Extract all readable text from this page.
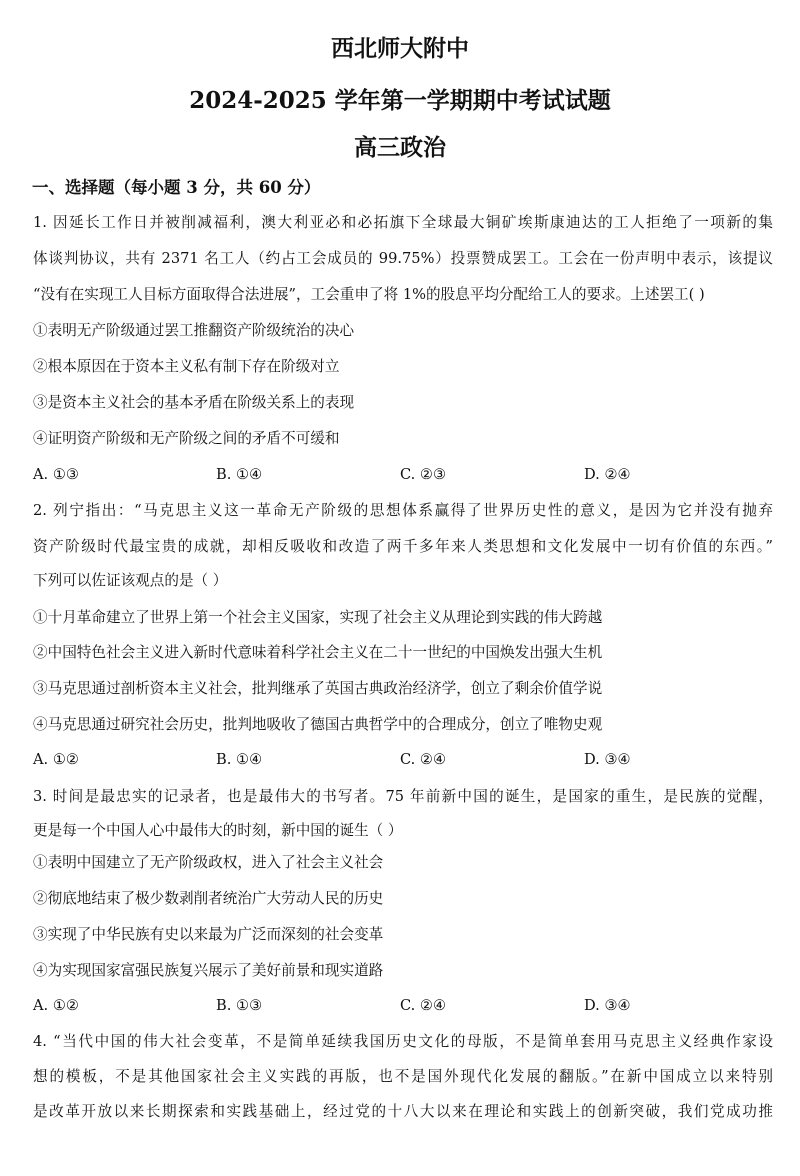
西北师大附中
2024-2025 学年第一学期期中考试试题
高三政治
一、选择题（每小题 3 分，共 60 分）
1. 因延长工作日并被削减福利，澳大利亚必和必拓旗下全球最大铜矿埃斯康迪达的工人拒绝了一项新的集
体谈判协议，共有 2371 名工人（约占工会成员的 99.75%）投票赞成罢工。工会在一份声明中表示，该提议
“没有在实现工人目标方面取得合法进展”，工会重申了将 1%的股息平均分配给工人的要求。上述罢工( )
①表明无产阶级通过罢工推翻资产阶级统治的决心
②根本原因在于资本主义私有制下存在阶级对立
③是资本主义社会的基本矛盾在阶级关系上的表现
④证明资产阶级和无产阶级之间的矛盾不可缓和
A. ①③	B. ①④	C. ②③	D. ②④
2. 列宁指出：“马克思主义这一革命无产阶级的思想体系赢得了世界历史性的意义，是因为它并没有抛弃
资产阶级时代最宝贵的成就，却相反吸收和改造了两千多年来人类思想和文化发展中一切有价值的东西。”
下列可以佐证该观点的是（ ）
①十月革命建立了世界上第一个社会主义国家，实现了社会主义从理论到实践的伟大跨越
②中国特色社会主义进入新时代意味着科学社会主义在二十一世纪的中国焕发出强大生机
③马克思通过剖析资本主义社会，批判继承了英国古典政治经济学，创立了剩余价值学说
④马克思通过研究社会历史，批判地吸收了德国古典哲学中的合理成分，创立了唯物史观
A. ①②	B. ①④	C. ②④	D. ③④
3. 时间是最忠实的记录者，也是最伟大的书写者。75 年前新中国的诞生，是国家的重生，是民族的觉醒，
更是每一个中国人心中最伟大的时刻，新中国的诞生（ ）
①表明中国建立了无产阶级政权，进入了社会主义社会
②彻底地结束了极少数剥削者统治广大劳动人民的历史
③实现了中华民族有史以来最为广泛而深刻的社会变革
④为实现国家富强民族复兴展示了美好前景和现实道路
A. ①②	B. ①③	C. ②④	D. ③④
4. “当代中国的伟大社会变革，不是简单延续我国历史文化的母版，不是简单套用马克思主义经典作家设
想的模板，不是其他国家社会主义实践的再版，也不是国外现代化发展的翻版。”在新中国成立以来特别
是改革开放以来长期探索和实践基础上，经过党的十八大以来在理论和实践上的创新突破，我们党成功推
